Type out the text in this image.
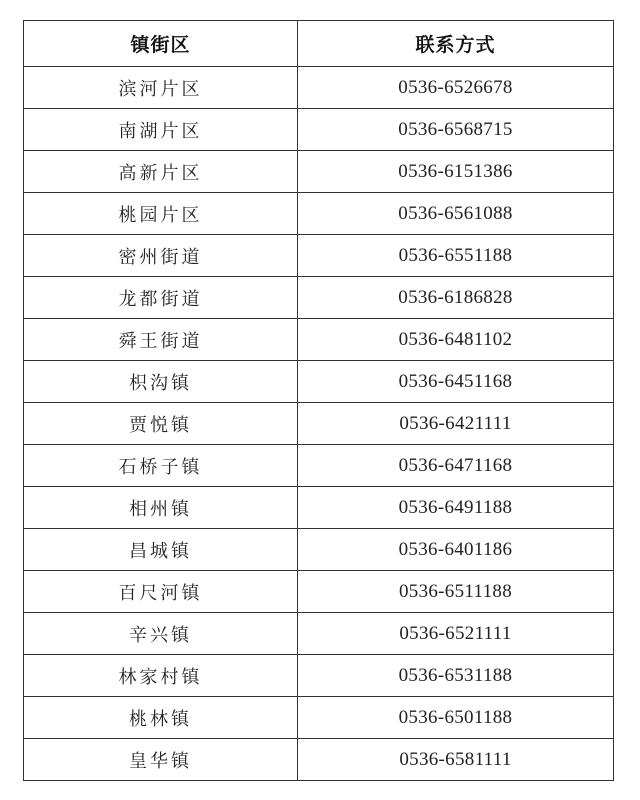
镇街区	联系方式
滨河片区	0536-6526678
南湖片区	0536-6568715
高新片区	0536-6151386
桃园片区	0536-6561088
密州街道	0536-6551188
龙都街道	0536-6186828
舜王街道	0536-6481102
枳沟镇	0536-6451168
贾悦镇	0536-6421111
石桥子镇	0536-6471168
相州镇	0536-6491188
昌城镇	0536-6401186
百尺河镇	0536-6511188
辛兴镇	0536-6521111
林家村镇	0536-6531188
桃林镇	0536-6501188
皇华镇	0536-6581111
